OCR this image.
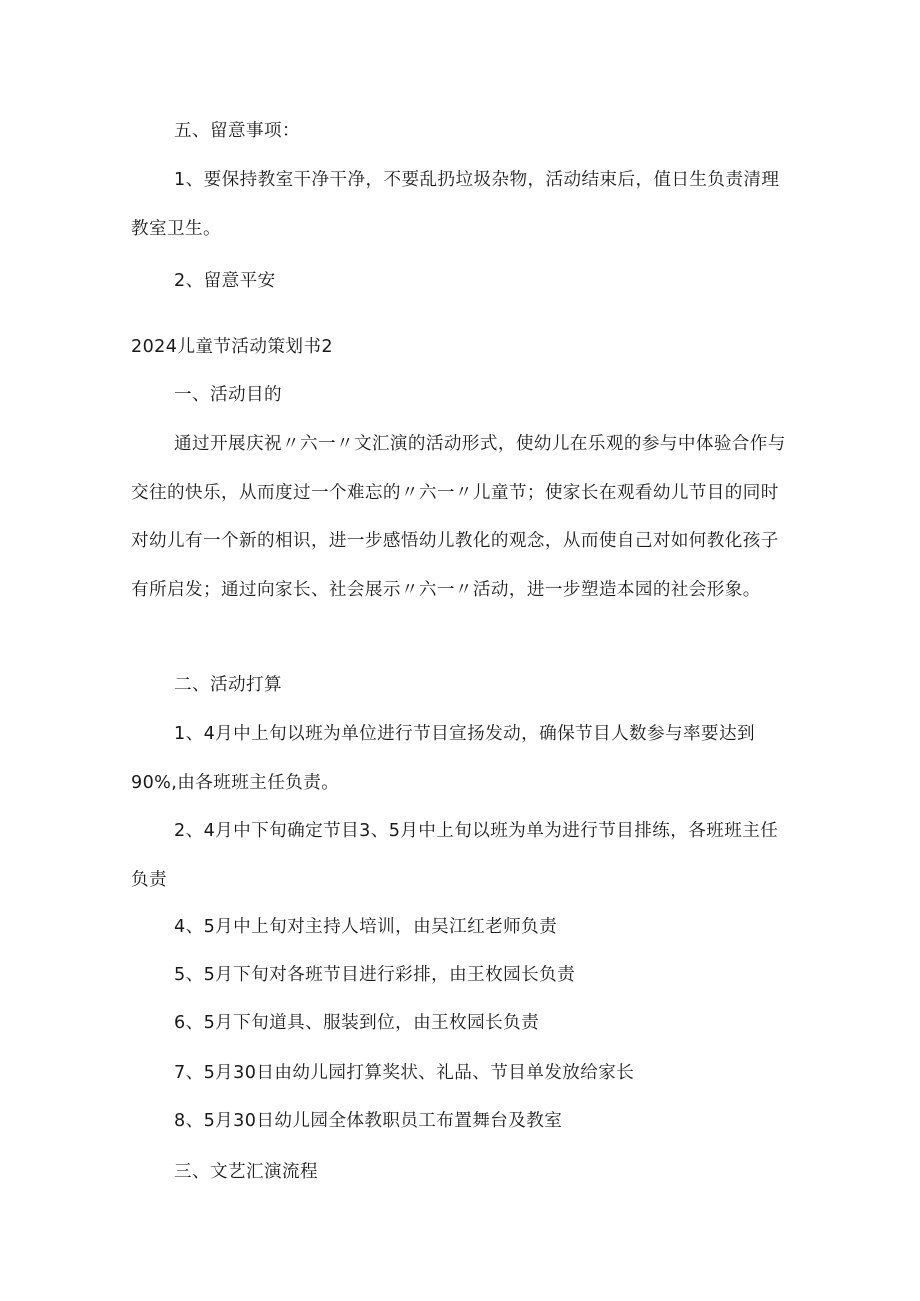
五、留意事项：

1、要保持教室干净干净，不要乱扔垃圾杂物，活动结束后，值日生负责清理教室卫生。

2、留意平安

2024儿童节活动策划书2

一、活动目的

通过开展庆祝〃六一〃文汇演的活动形式，使幼儿在乐观的参与中体验合作与交往的快乐，从而度过一个难忘的〃六一〃儿童节；使家长在观看幼儿节目的同时对幼儿有一个新的相识，进一步感悟幼儿教化的观念，从而使自己对如何教化孩子有所启发；通过向家长、社会展示〃六一〃活动，进一步塑造本园的社会形象。

二、活动打算

1、4月中上旬以班为单位进行节目宣扬发动，确保节目人数参与率要达到90%,由各班班主任负责。

2、4月中下旬确定节目3、5月中上旬以班为单为进行节目排练，各班班主任负责

4、5月中上旬对主持人培训，由吴江红老师负责

5、5月下旬对各班节目进行彩排，由王枚园长负责

6、5月下旬道具、服装到位，由王枚园长负责

7、5月30日由幼儿园打算奖状、礼品、节目单发放给家长

8、5月30日幼儿园全体教职员工布置舞台及教室

三、文艺汇演流程
